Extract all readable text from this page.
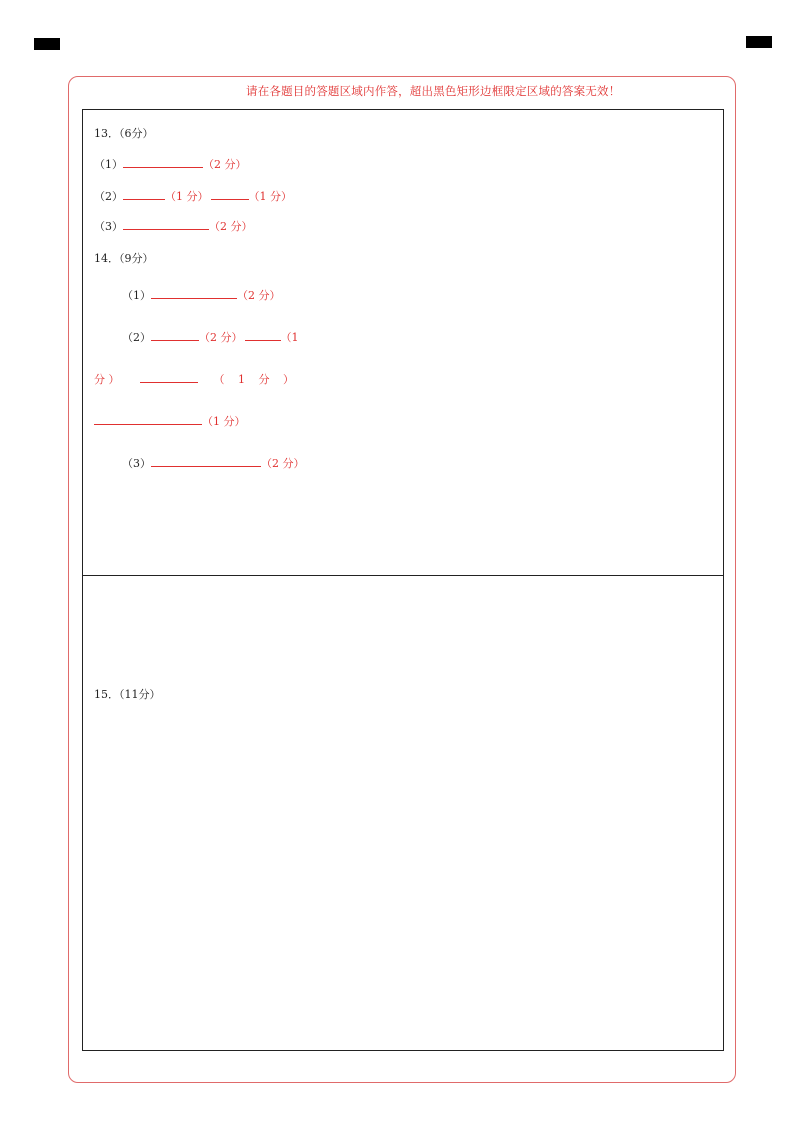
请在各题目的答题区域内作答，超出黑色矩形边框限定区域的答案无效！
13．（6分）
（1）	（2 分）
（2）	（1 分）	（1 分）
（3）	（2 分）
14．（9分）
（1）	（2 分）
（2）	（2 分）	（1
分 ）	（ 1 分 ）
（1 分）
（3）	（2 分）
15．（11分）
